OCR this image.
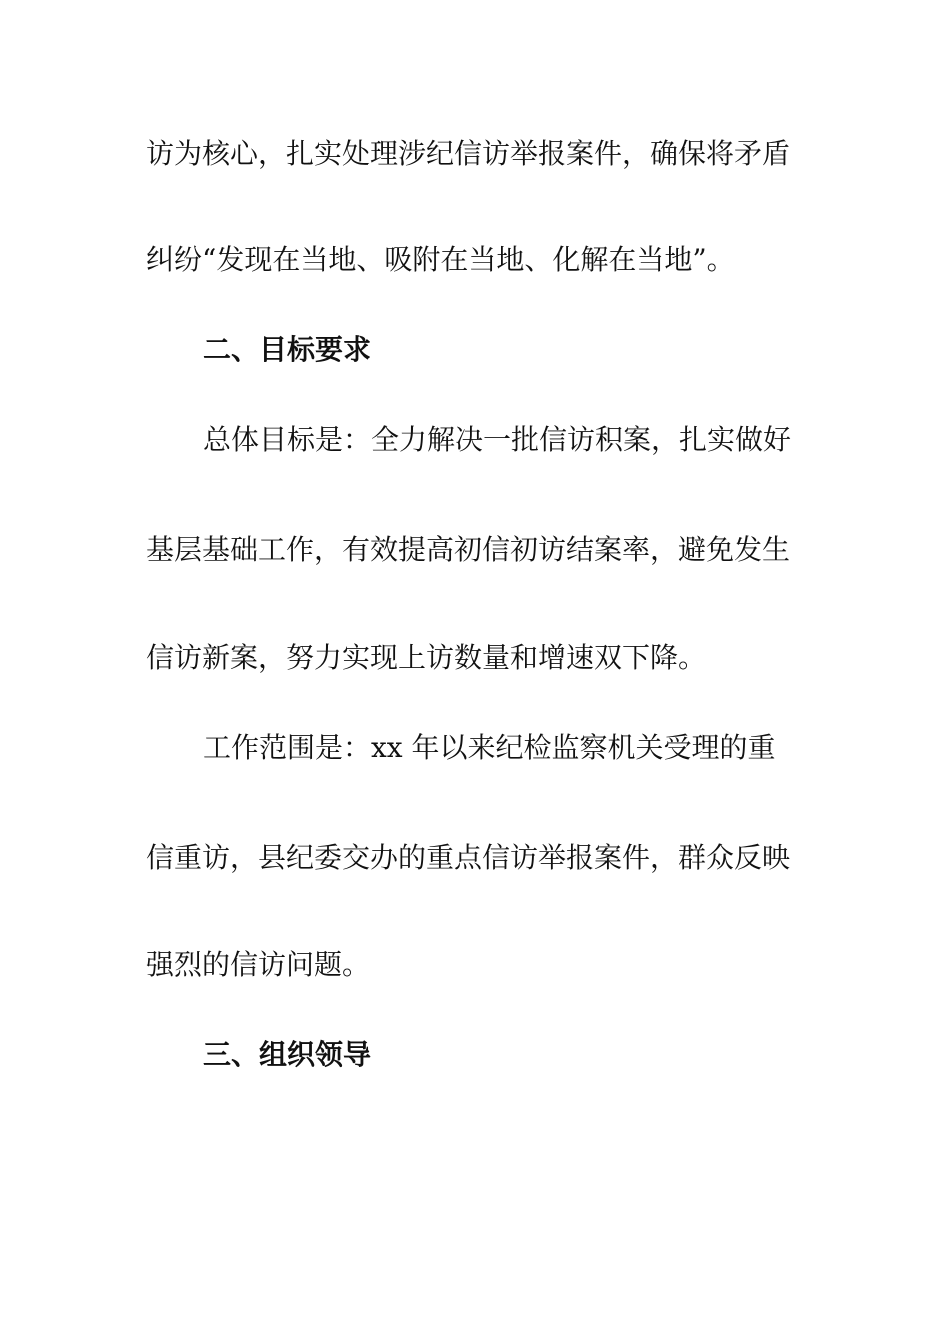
访为核心，扎实处理涉纪信访举报案件，确保将矛盾
纠纷“发现在当地、吸附在当地、化解在当地”。
二、目标要求
总体目标是：全力解决一批信访积案，扎实做好
基层基础工作，有效提高初信初访结案率，避免发生
信访新案，努力实现上访数量和增速双下降。
工作范围是：xx 年以来纪检监察机关受理的重
信重访，县纪委交办的重点信访举报案件，群众反映
强烈的信访问题。
三、组织领导
